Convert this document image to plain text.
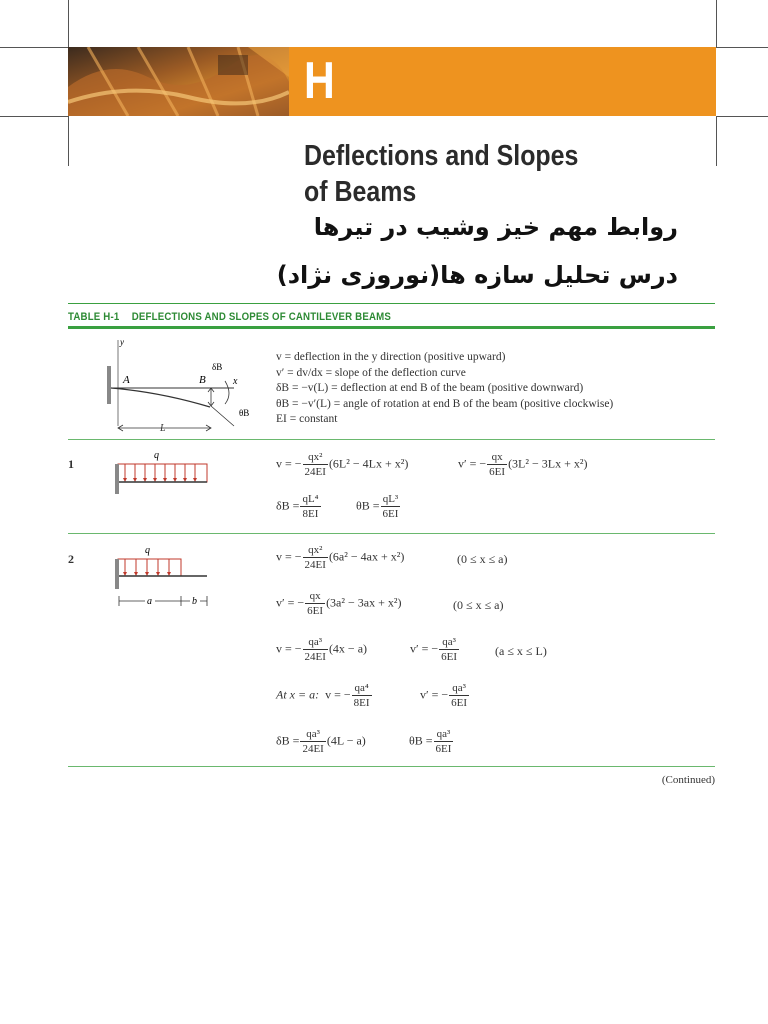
H
Deflections and Slopes
of Beams
روابط مهم خیز وشیب در تیرها
درس تحلیل سازه ها(نوروزی نژاد)
TABLE H-1 DEFLECTIONS AND SLOPES OF CANTILEVER BEAMS
y
A	B	x
δB
θB
L
v = deflection in the y direction (positive upward)
v′ = dv/dx = slope of the deflection curve
δB = −v(L) = deflection at end B of the beam (positive downward)
θB = −v′(L) = angle of rotation at end B of the beam (positive clockwise)
EI = constant
1
q
v = − $\frac{\text{qx²}}{24EI} (6L^2 - 4Lx + x^2)$	v′ = − $\frac{qx}{6EI} (3L^2 - 3Lx + x^2)$
$\delta B = \frac{\text{qL⁴}}{8EI}$	$\theta B = \frac{\text{qL³}}{6EI}$
2
q
a	b
v = − $\frac{\text{qx²}}{24EI} (6a^2 - 4ax + x^2)$	(0 ≤ x ≤ a)
v′ = − $\frac{qx}{6EI} (3a^2 - 3ax + x^2)$	(0 ≤ x ≤ a)
v = − $\frac{\text{qa³}}{24EI} (4x - a)$	v′ = − $\frac{\text{qa³}}{6EI}$	(a ≤ x ≤ L)
At x = a: v = − $\frac{\text{qa⁴}}{8EI}$	v′ = − $\frac{\text{qa³}}{6EI}$
$\delta B = \frac{\text{qa³}}{24EI} (4L - a)$	$\theta B = \frac{\text{qa³}}{6EI}$
(Continued)
